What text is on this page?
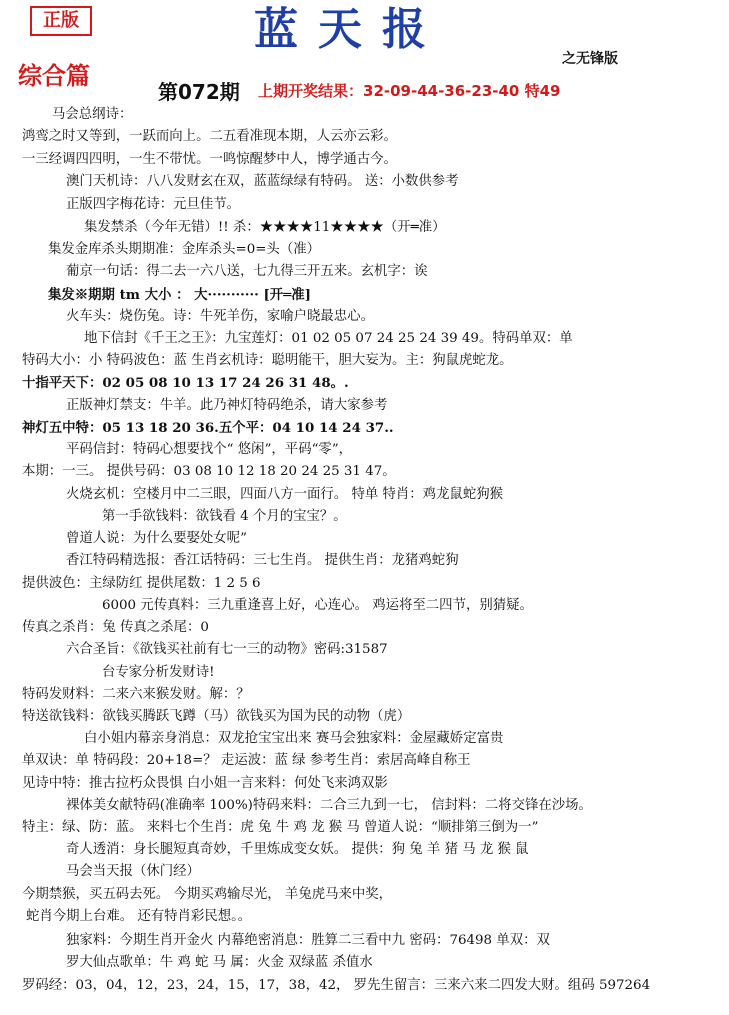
正版	蓝天报
之无锋版
综合篇
第072期 上期开奖结果：32-09-44-36-23-40 特49
马会总纲诗：
鸿鸾之时又等到，一跃而向上。二五看准现本期，人云亦云彩。
一三经调四四明，一生不带忧。一鸣惊醒梦中人，博学通古今。
澳门天机诗：八八发财玄在双，蓝蓝绿绿有特码。 送：小数供参考
正版四字梅花诗：元旦佳节。
集发禁杀（今年无错）!! 杀：★★★★11★★★★（开═准）
集发金库杀头期期准：金库杀头=0=头（准）
葡京一句话：得二去一六八送，七九得三开五来。玄机字：诶
集发※期期 tm 大小 ： 大··········· [开═准]
火车头：烧伤兔。诗：牛死羊伤，家喻户晓最忠心。
地下信封《千王之王》：九宝莲灯：01 02 05 07 24 25 24 39 49。特码单双：单
特码大小：小 特码波色：蓝 生肖玄机诗：聪明能干，胆大妄为。主：狗鼠虎蛇龙。
十指平天下：02 05 08 10 13 17 24 26 31 48。.
正版神灯禁支：牛羊。此乃神灯特码绝杀，请大家参考
神灯五中特：05 13 18 20 36.五个平：04 10 14 24 37..
平码信封：特码心想要找个“ 悠闲”，平码“零”，
本期：一三。 提供号码：03 08 10 12 18 20 24 25 31 47。
火烧玄机：空楼月中二三眼，四面八方一面行。 特单 特肖：鸡龙鼠蛇狗猴
第一手欲钱料：欲钱看 4 个月的宝宝？。
曾道人说：为什么要娶处女呢”
香江特码精选报：香江话特码：三七生肖。 提供生肖：龙猪鸡蛇狗
提供波色：主绿防红 提供尾数：1 2 5 6
6000 元传真料：三九重逢喜上好，心连心。 鸡运将至二四节，别猜疑。
传真之杀肖：兔 传真之杀尾：0
六合圣旨：《欲钱买社前有七一三的动物》密码:31587
台专家分析发财诗!
特码发财料：二来六来猴发财。解：？
特送欲钱料：欲钱买腾跃飞蹲（马）欲钱买为国为民的动物（虎）
白小姐内幕亲身消息：双龙抢宝宝出来 赛马会独家料：金屋藏娇定富贵
单双诀：单 特码段：20+18=？ 走运波：蓝 绿 参考生肖：索居高峰自称王
见诗中特：推古拉朽众畏惧 白小姐一言来料：何处飞来鸿双影
裸体美女献特码(准确率 100%)特码来料：二合三九到一七， 信封料：二将交锋在沙场。
特主：绿、防：蓝。 来料七个生肖：虎 兔 牛 鸡 龙 猴 马 曾道人说：“顺排第三倒为一”
奇人透消：身长腿短真奇妙，千里炼成变女妖。 提供：狗 兔 羊 猪 马 龙 猴 鼠
马会当天报（休门经）
今期禁猴，买五码去死。 今期买鸡输尽光， 羊兔虎马来中奖，
蛇肖今期上台难。 还有特肖彩民想。。
独家料：今期生肖开金火 内幕绝密消息：胜算二三看中九 密码：76498 单双：双
罗大仙点歌单：牛 鸡 蛇 马 属：火金 双绿蓝 杀值水
罗码经：03，04，12，23，24，15，17，38，42， 罗先生留言：三来六来二四发大财。组码 597264
